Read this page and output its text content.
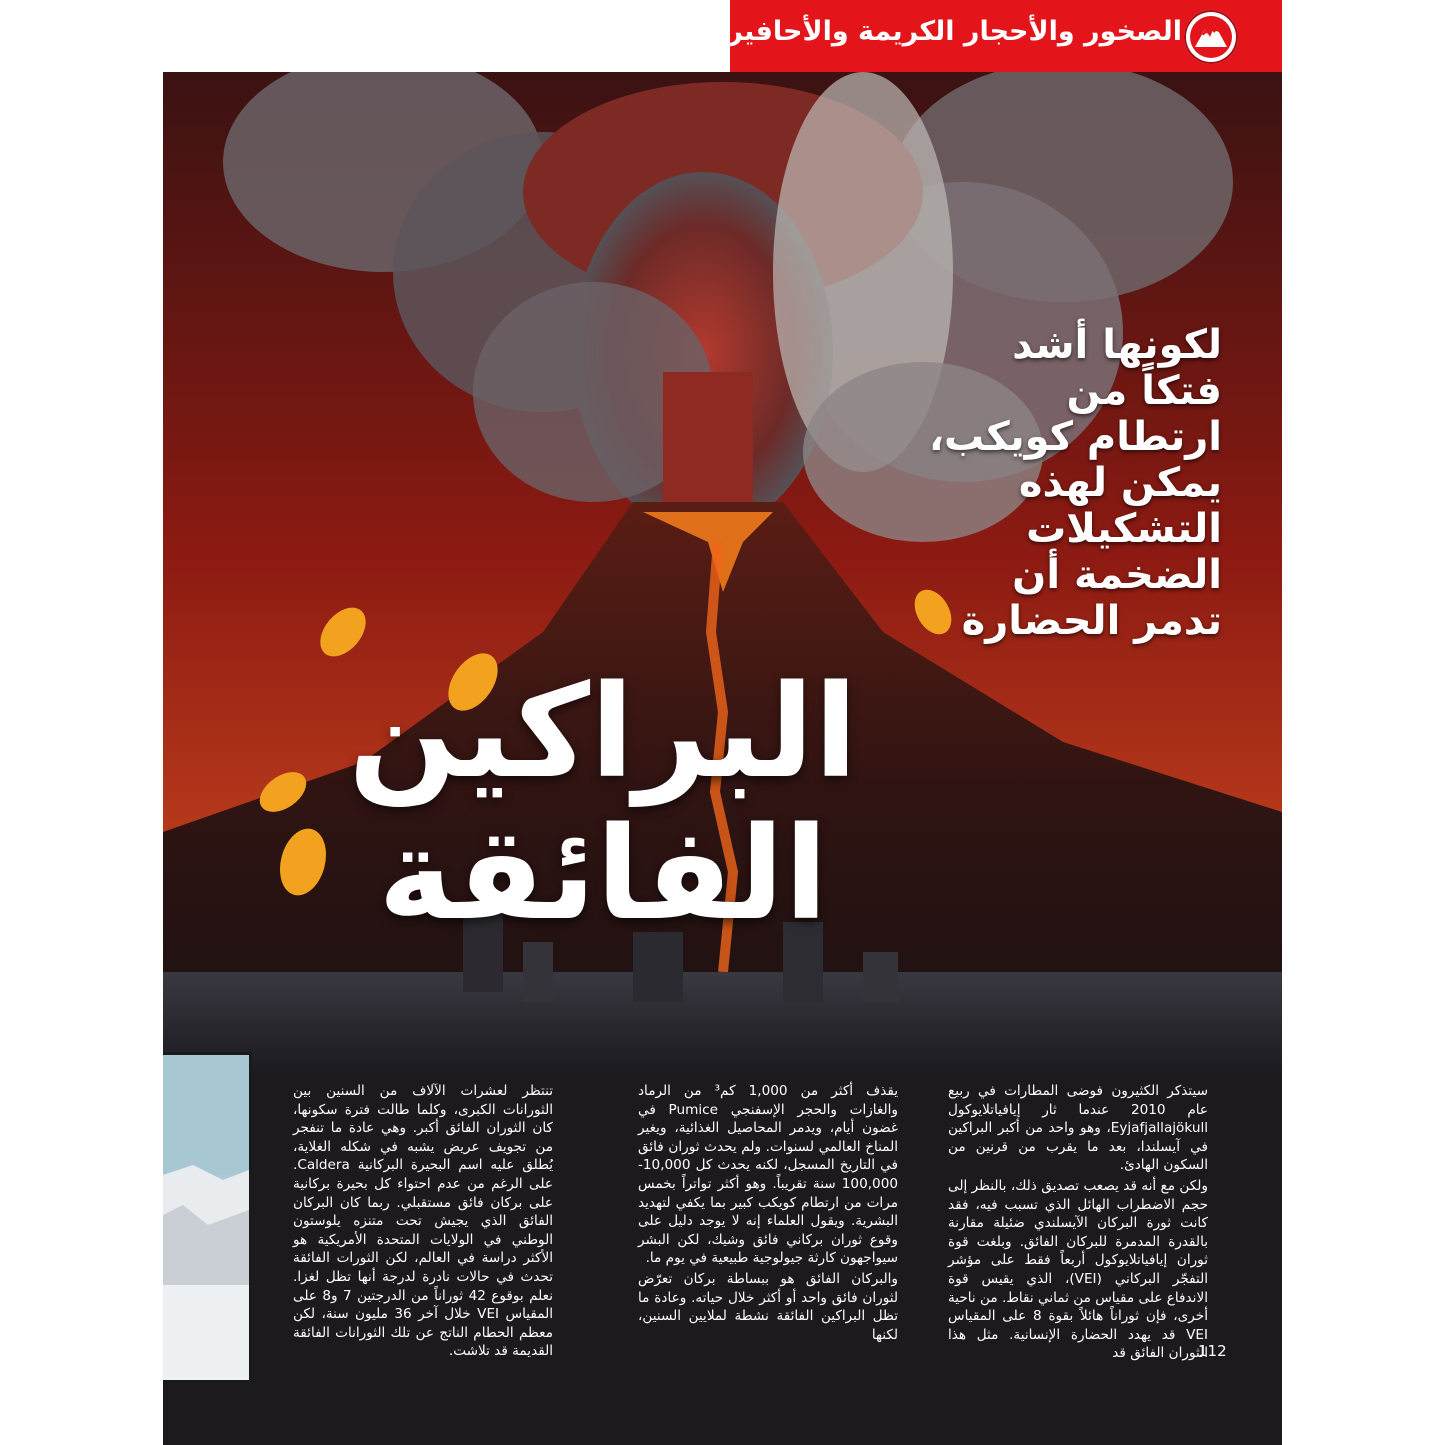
الصخور والأحجار الكريمة والأحافير
لكونها أشد فتكاً من ارتطام كويكب، يمكن لهذه التشكيلات الضخمة أن تدمر الحضارة
البراكين الفائقة

سيتذكر الكثيرون فوضى المطارات في ربيع عام 2010 عندما ثار إيافياتلايوكول Eyjafjallajökull، وهو واحد من أكبر البراكين في آيسلندا، بعد ما يقرب من قرنين من السكون الهادئ.

ولكن مع أنه قد يصعب تصديق ذلك، بالنظر إلى حجم الاضطراب الهائل الذي تسبب فيه، فقد كانت ثورة البركان الآيسلندي ضئيلة مقارنة بالقدرة المدمرة للبركان الفائق. وبلغت قوة ثوران إيافياتلايوكول أربعاً فقط على مؤشر التفجّر البركاني (VEI)، الذي يقيس قوة الاندفاع على مقياس من ثماني نقاط. من ناحية أخرى، فإن ثوراناً هائلاً بقوة 8 على المقياس VEI قد يهدد الحضارة الإنسانية. مثل هذا الثوران الفائق قد

يقذف أكثر من 1,000 كم³ من الرماد والغازات والحجر الإسفنجي Pumice في غضون أيام، ويدمر المحاصيل الغذائية، ويغير المناخ العالمي لسنوات. ولم يحدث ثوران فائق في التاريخ المسجل، لكنه يحدث كل 10,000-100,000 سنة تقريباً. وهو أكثر تواتراً بخمس مرات من ارتطام كويكب كبير بما يكفي لتهديد البشرية. ويقول العلماء إنه لا يوجد دليل على وقوع ثوران بركاني فائق وشيك، لكن البشر سيواجهون كارثة جيولوجية طبيعية في يوم ما.

والبركان الفائق هو ببساطة بركان تعرّض لثوران فائق واحد أو أكثر خلال حياته. وعادة ما تظل البراكين الفائقة نشطة لملايين السنين، لكنها

تنتظر لعشرات الآلاف من السنين بين الثورانات الكبرى، وكلما طالت فترة سكونها، كان الثوران الفائق أكبر. وهي عادة ما تنفجر من تجويف عريض يشبه في شكله الغلاية، يُطلق عليه اسم البحيرة البركانية Caldera. على الرغم من عدم احتواء كل بحيرة بركانية على بركان فائق مستقبلي. ربما كان البركان الفائق الذي يجيش تحت متنزه يلوستون الوطني في الولايات المتحدة الأمريكية هو الأكثر دراسة في العالم، لكن الثورات الفائقة تحدث في حالات نادرة لدرجة أنها تظل لغزا. نعلم بوقوع 42 ثوراناً من الدرجتين 7 و8 على المقياس VEI خلال آخر 36 مليون سنة، لكن معظم الحطام الناتج عن تلك الثورانات الفائقة القديمة قد تلاشت.	112
